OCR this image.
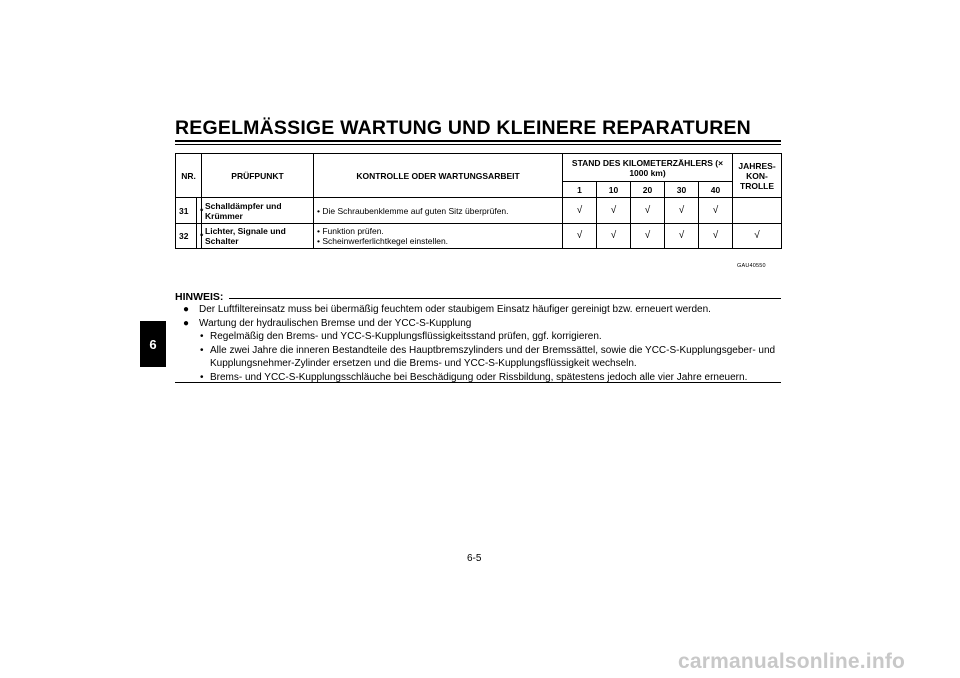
REGELMÄSSIGE WARTUNG UND KLEINERE REPARATUREN
6
NR.		PRÜFPUNKT	KONTROLLE ODER WARTUNGSARBEIT	STAND DES KILOMETERZÄHLERS (× 1000 km)					JAHRES-KON-TROLLE
				1	10	20	30	40	
31	*	Schalldämpfer und Krümmer	• Die Schraubenklemme auf guten Sitz überprüfen.	√	√	√	√	√	
32	*	Lichter, Signale und Schalter	• Funktion prüfen.
• Scheinwerferlichtkegel einstellen.	√	√	√	√	√	√
GAU40550
HINWEIS:
● Der Luftfiltereinsatz muss bei übermäßig feuchtem oder staubigem Einsatz häufiger gereinigt bzw. erneuert werden.
● Wartung der hydraulischen Bremse und der YCC-S-Kupplung
• Regelmäßig den Brems- und YCC-S-Kupplungsflüssigkeitsstand prüfen, ggf. korrigieren.
• Alle zwei Jahre die inneren Bestandteile des Hauptbremszylinders und der Bremssättel, sowie die YCC-S-Kupplungsgeber- und Kupplungsnehmer-Zylinder ersetzen und die Brems- und YCC-S-Kupplungsflüssigkeit wechseln.
• Brems- und YCC-S-Kupplungsschläuche bei Beschädigung oder Rissbildung, spätestens jedoch alle vier Jahre erneuern.
6-5
carmanualsonline.info
